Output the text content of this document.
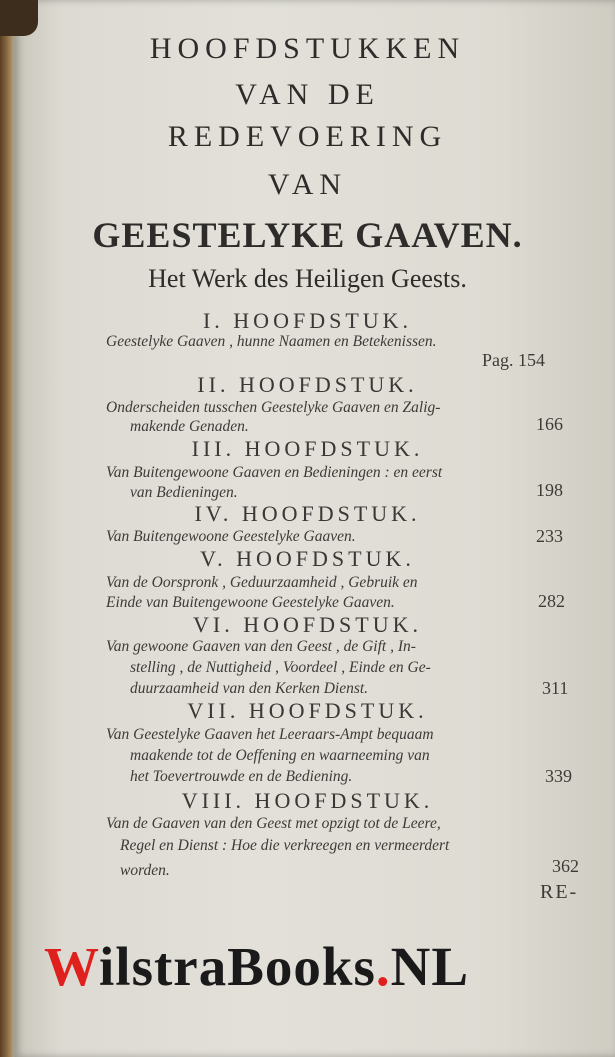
HOOFDSTUKKEN
VAN DE
REDEVOERING
VAN
GEESTELYKE GAAVEN.
Het Werk des Heiligen Geests.
I. HOOFDSTUK.
Geestelyke Gaaven , hunne Naamen en Betekenissen.
Pag. 154
II. HOOFDSTUK.
Onderscheiden tusschen Geestelyke Gaaven en Zalig-
makende Genaden.	166
III. HOOFDSTUK.
Van Buitengewoone Gaaven en Bedieningen : en eerst
van Bedieningen.	198
IV. HOOFDSTUK.
Van Buitengewoone Geestelyke Gaaven.	233
V. HOOFDSTUK.
Van de Oorspronk , Geduurzaamheid , Gebruik en
Einde van Buitengewoone Geestelyke Gaaven.	282
VI. HOOFDSTUK.
Van gewoone Gaaven van den Geest , de Gift , In-
stelling , de Nuttigheid , Voordeel , Einde en Ge-
duurzaamheid van den Kerken Dienst.	311
VII. HOOFDSTUK.
Van Geestelyke Gaaven het Leeraars-Ampt bequaam
maakende tot de Oeffening en waarneeming van
het Toevertrouwde en de Bediening.	339
VIII. HOOFDSTUK.
Van de Gaaven van den Geest met opzigt tot de Leere,
Regel en Dienst : Hoe die verkreegen en vermeerdert
worden.	362
RE-
WilstraBooks.NL
